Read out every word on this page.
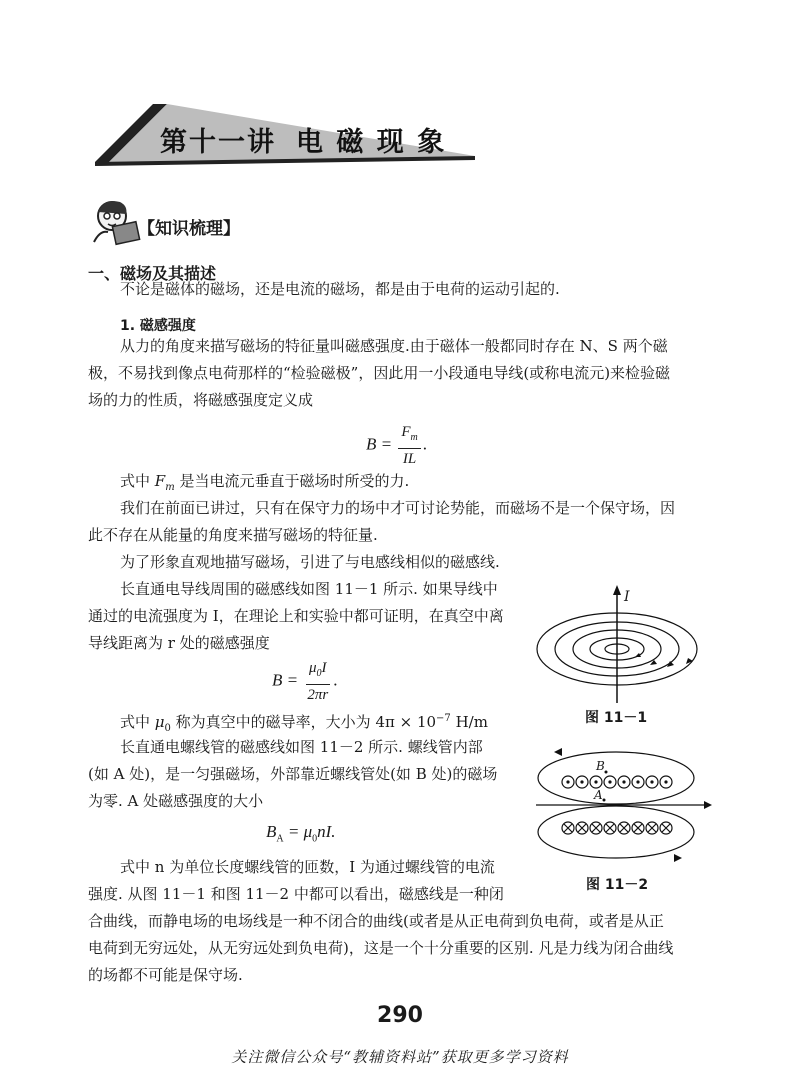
第十一讲 电 磁 现 象
【知识梳理】
一、磁场及其描述
不论是磁体的磁场，还是电流的磁场，都是由于电荷的运动引起的.
1. 磁感强度
从力的角度来描写磁场的特征量叫磁感强度.由于磁体一般都同时存在 N、S 两个磁
极，不易找到像点电荷那样的“检验磁极”，因此用一小段通电导线(或称电流元)来检验磁
场的力的性质，将磁感强度定义成
$B = \frac{F_m}{IL}$ .
式中 $F_m$ 是当电流元垂直于磁场时所受的力.
我们在前面已讲过，只有在保守力的场中才可讨论势能，而磁场不是一个保守场，因
此不存在从能量的角度来描写磁场的特征量.
为了形象直观地描写磁场，引进了与电感线相似的磁感线.
长直通电导线周围的磁感线如图 11－1 所示. 如果导线中
通过的电流强度为 I，在理论上和实验中都可证明，在真空中离
导线距离为 r 处的磁感强度
$B = \frac{\mu_0I}{2\pi r}$ .
式中 $\mu_0$ 称为真空中的磁导率，大小为 $4\pi \times 10^{-7}$ H/m
长直通电螺线管的磁感线如图 11－2 所示. 螺线管内部
(如 A 处)，是一匀强磁场，外部靠近螺线管处(如 B 处)的磁场
为零. A 处磁感强度的大小
$B_A = \mu_0nI$.
式中 n 为单位长度螺线管的匝数，I 为通过螺线管的电流
强度. 从图 11－1 和图 11－2 中都可以看出，磁感线是一种闭
合曲线，而静电场的电场线是一种不闭合的曲线(或者是从正电荷到负电荷，或者是从正
电荷到无穷远处，从无穷远处到负电荷)，这是一个十分重要的区别. 凡是力线为闭合曲线
的场都不可能是保守场.
I
图 11－1
B
A
图 11－2
290
关注微信公众号“教辅资料站”获取更多学习资料
